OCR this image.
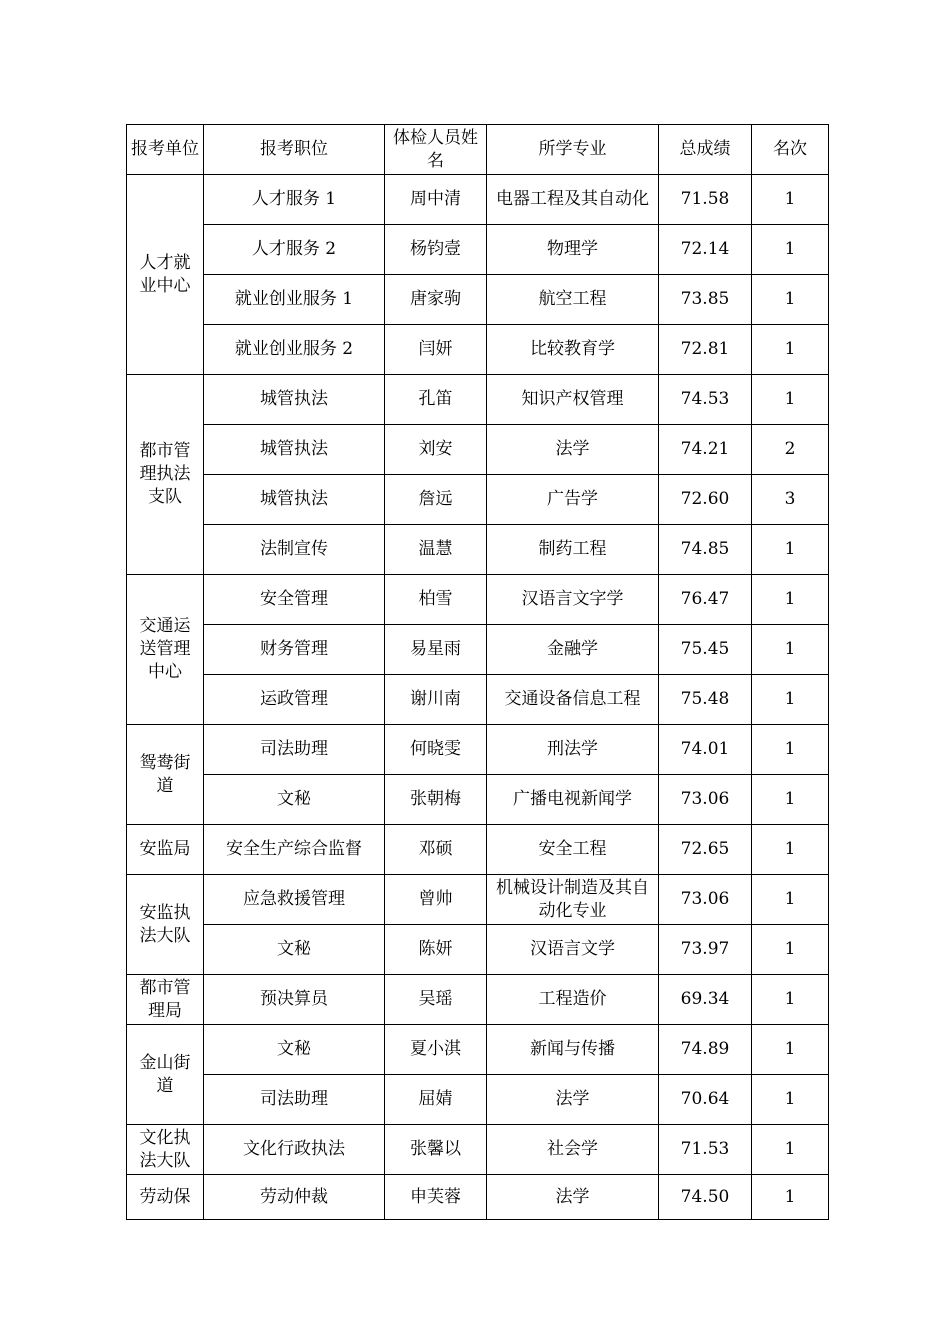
报考单位	报考职位	体检人员姓名	所学专业	总成绩	名次
人才就业中心	人才服务 1	周中清	电器工程及其自动化	71.58	1
	人才服务 2	杨钧壹	物理学	72.14	1
	就业创业服务 1	唐家驹	航空工程	73.85	1
	就业创业服务 2	闫妍	比较教育学	72.81	1
都市管理执法支队	城管执法	孔笛	知识产权管理	74.53	1
	城管执法	刘安	法学	74.21	2
	城管执法	詹远	广告学	72.60	3
	法制宣传	温慧	制药工程	74.85	1
交通运送管理中心	安全管理	柏雪	汉语言文字学	76.47	1
	财务管理	易星雨	金融学	75.45	1
	运政管理	谢川南	交通设备信息工程	75.48	1
鸳鸯街道	司法助理	何晓雯	刑法学	74.01	1
	文秘	张朝梅	广播电视新闻学	73.06	1
安监局	安全生产综合监督	邓硕	安全工程	72.65	1
安监执法大队	应急救援管理	曾帅	机械设计制造及其自动化专业	73.06	1
	文秘	陈妍	汉语言文学	73.97	1
都市管理局	预决算员	吴瑶	工程造价	69.34	1
金山街道	文秘	夏小淇	新闻与传播	74.89	1
	司法助理	屈婧	法学	70.64	1
文化执法大队	文化行政执法	张馨以	社会学	71.53	1
劳动保	劳动仲裁	申芙蓉	法学	74.50	1
